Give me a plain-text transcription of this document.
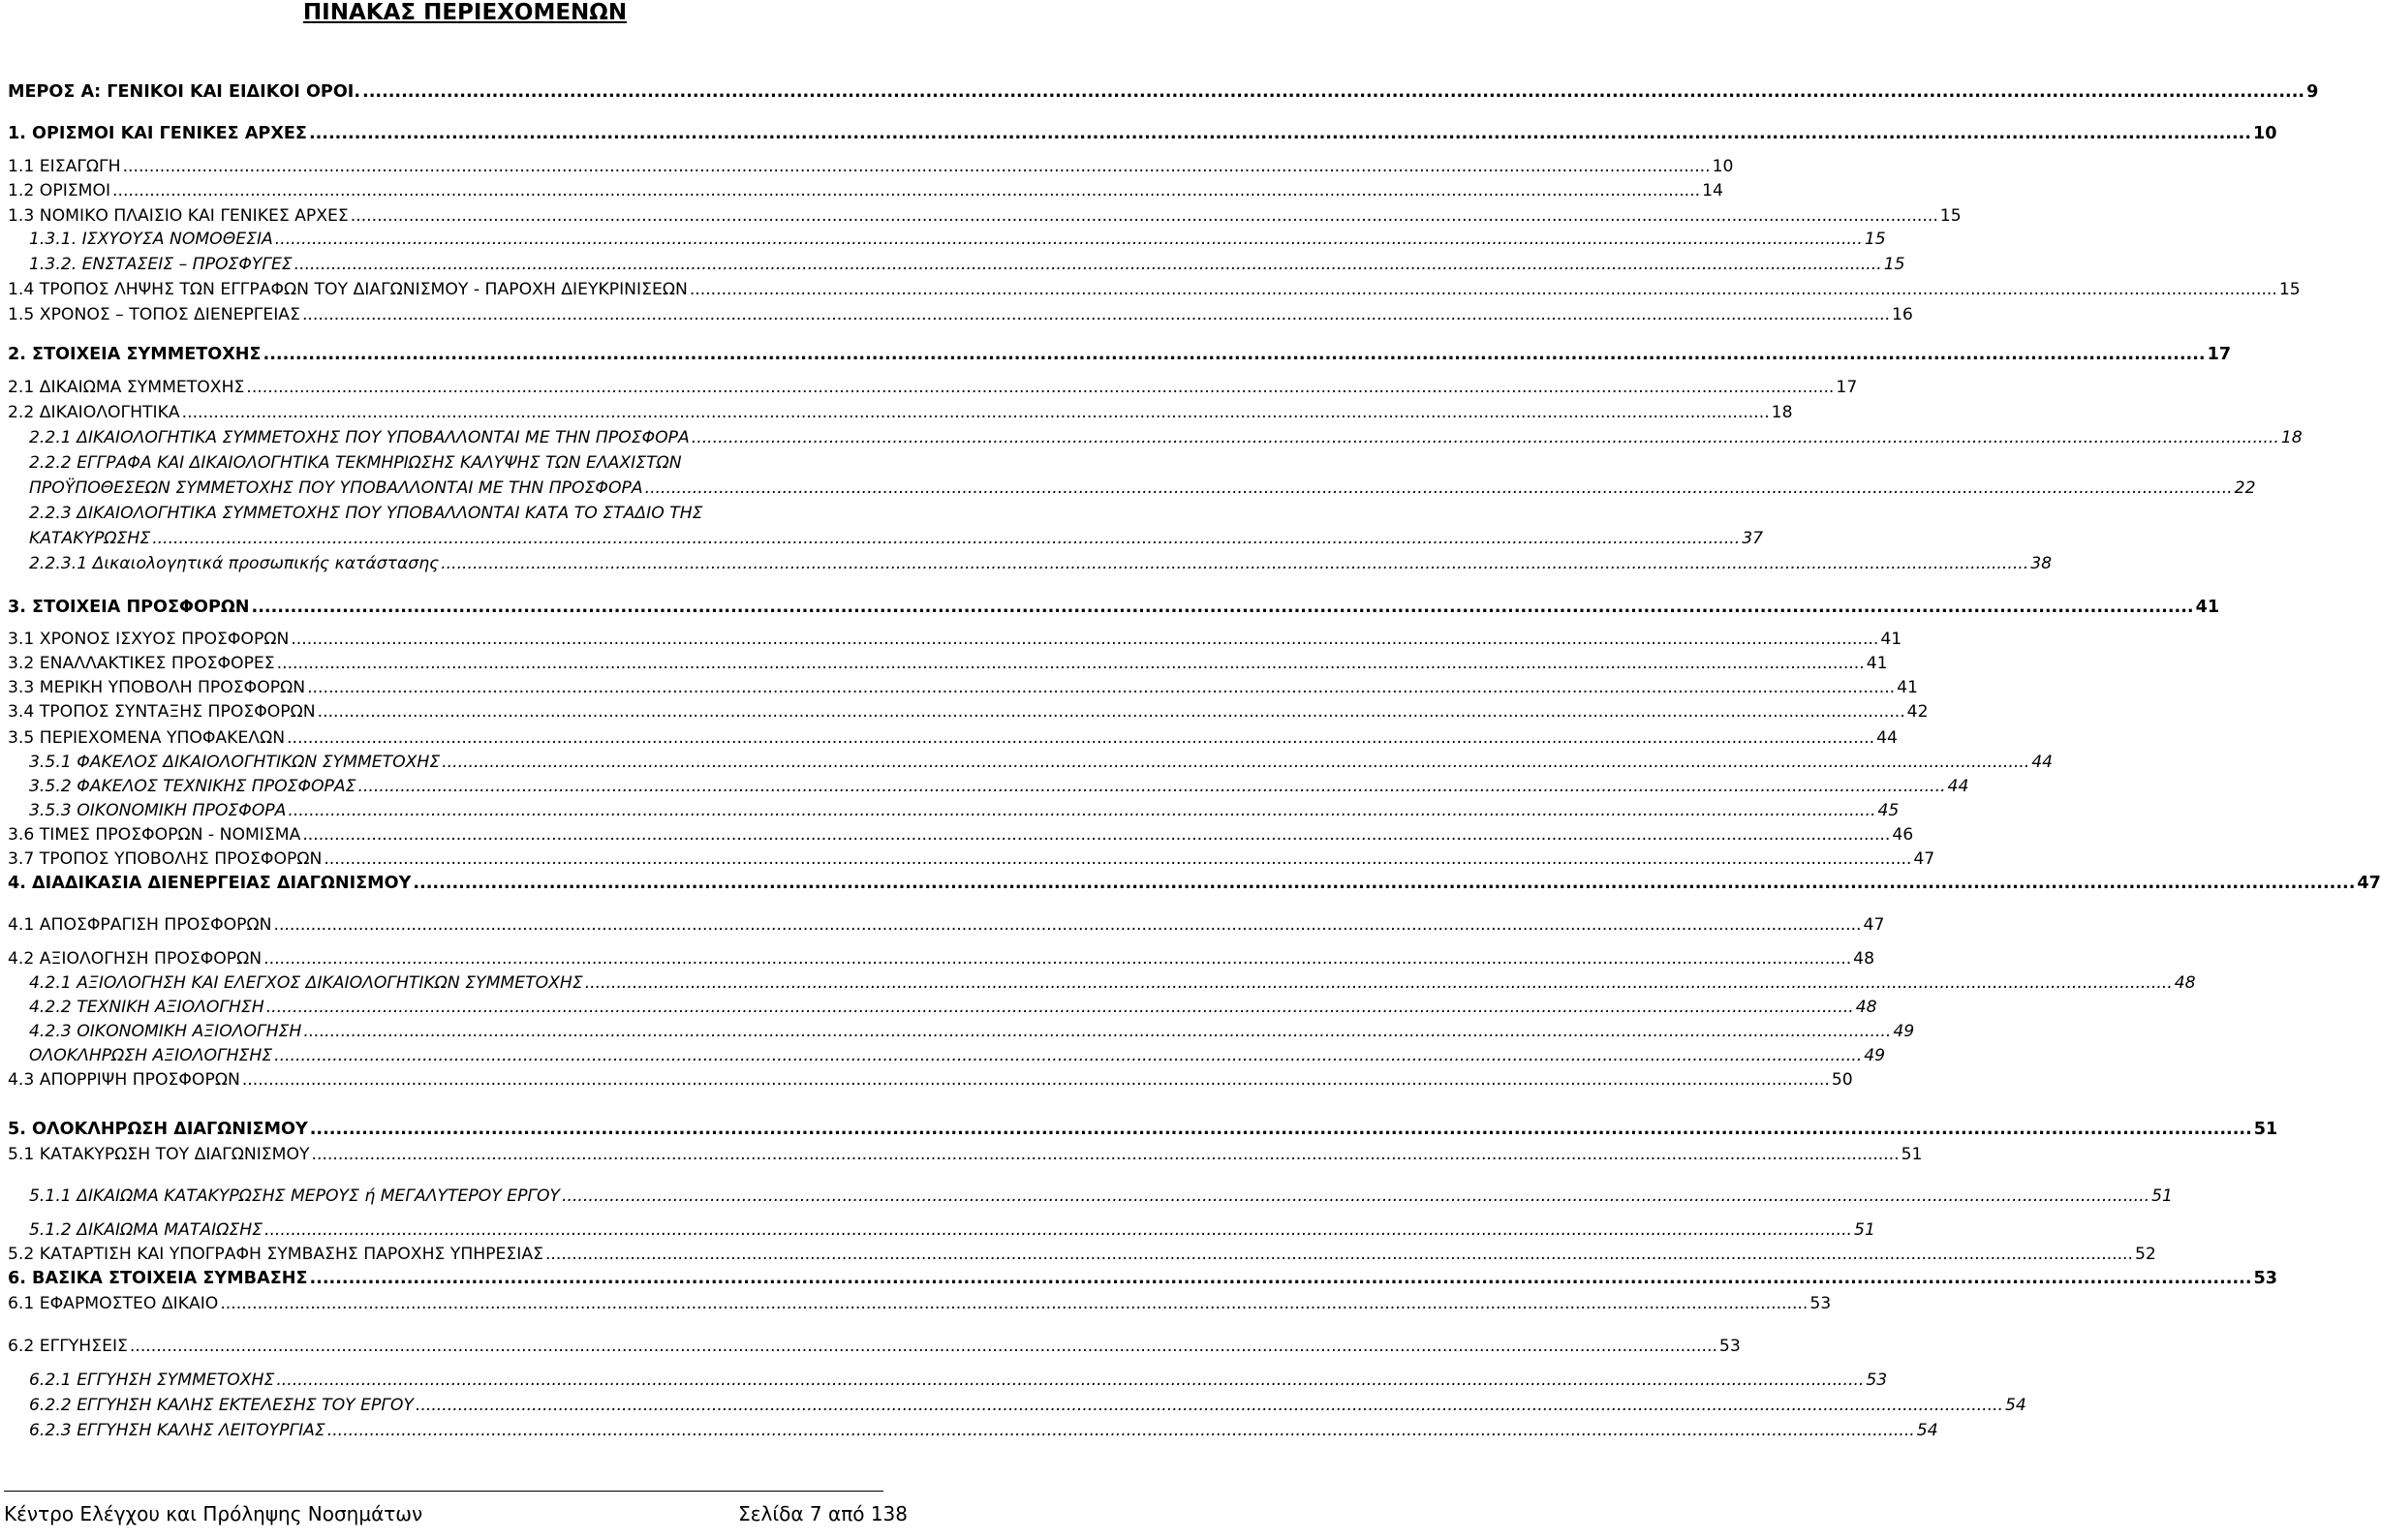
ΠΙΝΑΚΑΣ ΠΕΡΙΕΧΟΜΕΝΩΝ
ΜΕΡΟΣ Α: ΓΕΝΙΚΟΙ ΚΑΙ ΕΙΔΙΚΟΙ ΟΡΟΙ. ............................................................................................................................................................................................................................................................................................................ 9
1. ΟΡΙΣΜΟΙ ΚΑΙ ΓΕΝΙΚΕΣ ΑΡΧΕΣ ............................................................................................................................................................................................................................................................................................................ 10
1.1 ΕΙΣΑΓΩΓΗ ............................................................................................................................................................................................................................................................................................................ 10
1.2 ΟΡΙΣΜΟΙ ............................................................................................................................................................................................................................................................................................................ 14
1.3 ΝΟΜΙΚΟ ΠΛΑΙΣΙΟ ΚΑΙ ΓΕΝΙΚΕΣ ΑΡΧΕΣ ............................................................................................................................................................................................................................................................................................................ 15
1.3.1. ΙΣΧΥΟΥΣΑ ΝΟΜΟΘΕΣΙΑ ............................................................................................................................................................................................................................................................................................................ 15
1.3.2. ΕΝΣΤΑΣΕΙΣ – ΠΡΟΣΦΥΓΕΣ ............................................................................................................................................................................................................................................................................................................ 15
1.4 ΤΡΟΠΟΣ ΛΗΨΗΣ ΤΩΝ ΕΓΓΡΑΦΩΝ ΤΟΥ ΔΙΑΓΩΝΙΣΜΟΥ - ΠΑΡΟΧΗ ΔΙΕΥΚΡΙΝΙΣΕΩΝ ............................................................................................................................................................................................................................................................................................................ 15
1.5 ΧΡΟΝΟΣ – ΤΟΠΟΣ ΔΙΕΝΕΡΓΕΙΑΣ ............................................................................................................................................................................................................................................................................................................ 16
2. ΣΤΟΙΧΕΙΑ ΣΥΜΜΕΤΟΧΗΣ ............................................................................................................................................................................................................................................................................................................ 17
2.1 ΔΙΚΑΙΩΜΑ ΣΥΜΜΕΤΟΧΗΣ ............................................................................................................................................................................................................................................................................................................ 17
2.2 ΔΙΚΑΙΟΛΟΓΗΤΙΚΑ ............................................................................................................................................................................................................................................................................................................ 18
2.2.1 ΔΙΚΑΙΟΛΟΓΗΤΙΚΑ ΣΥΜΜΕΤΟΧΗΣ ΠΟΥ ΥΠΟΒΑΛΛΟΝΤΑΙ ΜΕ ΤΗΝ ΠΡΟΣΦΟΡΑ ............................................................................................................................................................................................................................................................................................................ 18
2.2.2 ΕΓΓΡΑΦΑ ΚΑΙ ΔΙΚΑΙΟΛΟΓΗΤΙΚΑ ΤΕΚΜΗΡΙΩΣΗΣ ΚΑΛΥΨΗΣ ΤΩΝ ΕΛΑΧΙΣΤΩΝ
ΠΡΟΫΠΟΘΕΣΕΩΝ ΣΥΜΜΕΤΟΧΗΣ ΠΟΥ ΥΠΟΒΑΛΛΟΝΤΑΙ ΜΕ ΤΗΝ ΠΡΟΣΦΟΡΑ ............................................................................................................................................................................................................................................................................................................ 22
2.2.3 ΔΙΚΑΙΟΛΟΓΗΤΙΚΑ ΣΥΜΜΕΤΟΧΗΣ ΠΟΥ ΥΠΟΒΑΛΛΟΝΤΑΙ ΚΑΤΑ ΤΟ ΣΤΑΔΙΟ ΤΗΣ
ΚΑΤΑΚΥΡΩΣΗΣ ............................................................................................................................................................................................................................................................................................................ 37
2.2.3.1 Δικαιολογητικά προσωπικής κατάστασης ............................................................................................................................................................................................................................................................................................................ 38
3. ΣΤΟΙΧΕΙΑ ΠΡΟΣΦΟΡΩΝ ............................................................................................................................................................................................................................................................................................................ 41
3.1 ΧΡΟΝΟΣ ΙΣΧΥΟΣ ΠΡΟΣΦΟΡΩΝ ............................................................................................................................................................................................................................................................................................................ 41
3.2 ΕΝΑΛΛΑΚΤΙΚΕΣ ΠΡΟΣΦΟΡΕΣ ............................................................................................................................................................................................................................................................................................................ 41
3.3 ΜΕΡΙΚΗ ΥΠΟΒΟΛΗ ΠΡΟΣΦΟΡΩΝ ............................................................................................................................................................................................................................................................................................................ 41
3.4 ΤΡΟΠΟΣ ΣΥΝΤΑΞΗΣ ΠΡΟΣΦΟΡΩΝ ............................................................................................................................................................................................................................................................................................................ 42
3.5 ΠΕΡΙΕΧΟΜΕΝΑ ΥΠΟΦΑΚΕΛΩΝ ............................................................................................................................................................................................................................................................................................................ 44
3.5.1 ΦΑΚΕΛΟΣ ΔΙΚΑΙΟΛΟΓΗΤΙΚΩΝ ΣΥΜΜΕΤΟΧΗΣ ............................................................................................................................................................................................................................................................................................................ 44
3.5.2 ΦΑΚΕΛΟΣ ΤΕΧΝΙΚΗΣ ΠΡΟΣΦΟΡΑΣ ............................................................................................................................................................................................................................................................................................................ 44
3.5.3 ΟΙΚΟΝΟΜΙΚΗ ΠΡΟΣΦΟΡΑ ............................................................................................................................................................................................................................................................................................................ 45
3.6 ΤΙΜΕΣ ΠΡΟΣΦΟΡΩΝ - ΝΟΜΙΣΜΑ ............................................................................................................................................................................................................................................................................................................ 46
3.7 ΤΡΟΠΟΣ ΥΠΟΒΟΛΗΣ ΠΡΟΣΦΟΡΩΝ ............................................................................................................................................................................................................................................................................................................ 47
4. ΔΙΑΔΙΚΑΣΙΑ ΔΙΕΝΕΡΓΕΙΑΣ ΔΙΑΓΩΝΙΣΜΟΥ ............................................................................................................................................................................................................................................................................................................ 47
4.1 ΑΠΟΣΦΡΑΓΙΣΗ ΠΡΟΣΦΟΡΩΝ ............................................................................................................................................................................................................................................................................................................ 47
4.2 ΑΞΙΟΛΟΓΗΣΗ ΠΡΟΣΦΟΡΩΝ ............................................................................................................................................................................................................................................................................................................ 48
4.2.1 ΑΞΙΟΛΟΓΗΣΗ ΚΑΙ ΕΛΕΓΧΟΣ ΔΙΚΑΙΟΛΟΓΗΤΙΚΩΝ ΣΥΜΜΕΤΟΧΗΣ ............................................................................................................................................................................................................................................................................................................ 48
4.2.2 ΤΕΧΝΙΚΗ ΑΞΙΟΛΟΓΗΣΗ ............................................................................................................................................................................................................................................................................................................ 48
4.2.3 ΟΙΚΟΝΟΜΙΚΗ ΑΞΙΟΛΟΓΗΣΗ ............................................................................................................................................................................................................................................................................................................ 49
ΟΛΟΚΛΗΡΩΣΗ ΑΞΙΟΛΟΓΗΣΗΣ ............................................................................................................................................................................................................................................................................................................ 49
4.3 ΑΠΟΡΡΙΨΗ ΠΡΟΣΦΟΡΩΝ ............................................................................................................................................................................................................................................................................................................ 50
5. ΟΛΟΚΛΗΡΩΣΗ ΔΙΑΓΩΝΙΣΜΟΥ ............................................................................................................................................................................................................................................................................................................ 51
5.1 ΚΑΤΑΚΥΡΩΣΗ ΤΟΥ ΔΙΑΓΩΝΙΣΜΟΥ ............................................................................................................................................................................................................................................................................................................ 51
5.1.1 ΔΙΚΑΙΩΜΑ ΚΑΤΑΚΥΡΩΣΗΣ ΜΕΡΟΥΣ ή ΜΕΓΑΛΥΤΕΡΟΥ ΕΡΓΟΥ ............................................................................................................................................................................................................................................................................................................ 51
5.1.2 ΔΙΚΑΙΩΜΑ ΜΑΤΑΙΩΣΗΣ ............................................................................................................................................................................................................................................................................................................ 51
5.2 ΚΑΤΑΡΤΙΣΗ ΚΑΙ ΥΠΟΓΡΑΦΗ ΣΥΜΒΑΣΗΣ ΠΑΡΟΧΗΣ ΥΠΗΡΕΣΙΑΣ ............................................................................................................................................................................................................................................................................................................ 52
6. ΒΑΣΙΚΑ ΣΤΟΙΧΕΙΑ ΣΥΜΒΑΣΗΣ ............................................................................................................................................................................................................................................................................................................ 53
6.1 ΕΦΑΡΜΟΣΤΕΟ ΔΙΚΑΙΟ ............................................................................................................................................................................................................................................................................................................ 53
6.2 ΕΓΓΥΗΣΕΙΣ ............................................................................................................................................................................................................................................................................................................ 53
6.2.1 ΕΓΓΥΗΣΗ ΣΥΜΜΕΤΟΧΗΣ ............................................................................................................................................................................................................................................................................................................ 53
6.2.2 ΕΓΓΥΗΣΗ ΚΑΛΗΣ ΕΚΤΕΛΕΣΗΣ ΤΟΥ ΕΡΓΟΥ ............................................................................................................................................................................................................................................................................................................ 54
6.2.3 ΕΓΓΥΗΣΗ ΚΑΛΗΣ ΛΕΙΤΟΥΡΓΙΑΣ ............................................................................................................................................................................................................................................................................................................ 54
Κέντρο Ελέγχου και Πρόληψης Νοσημάτων	Σελίδα 7 από 138
